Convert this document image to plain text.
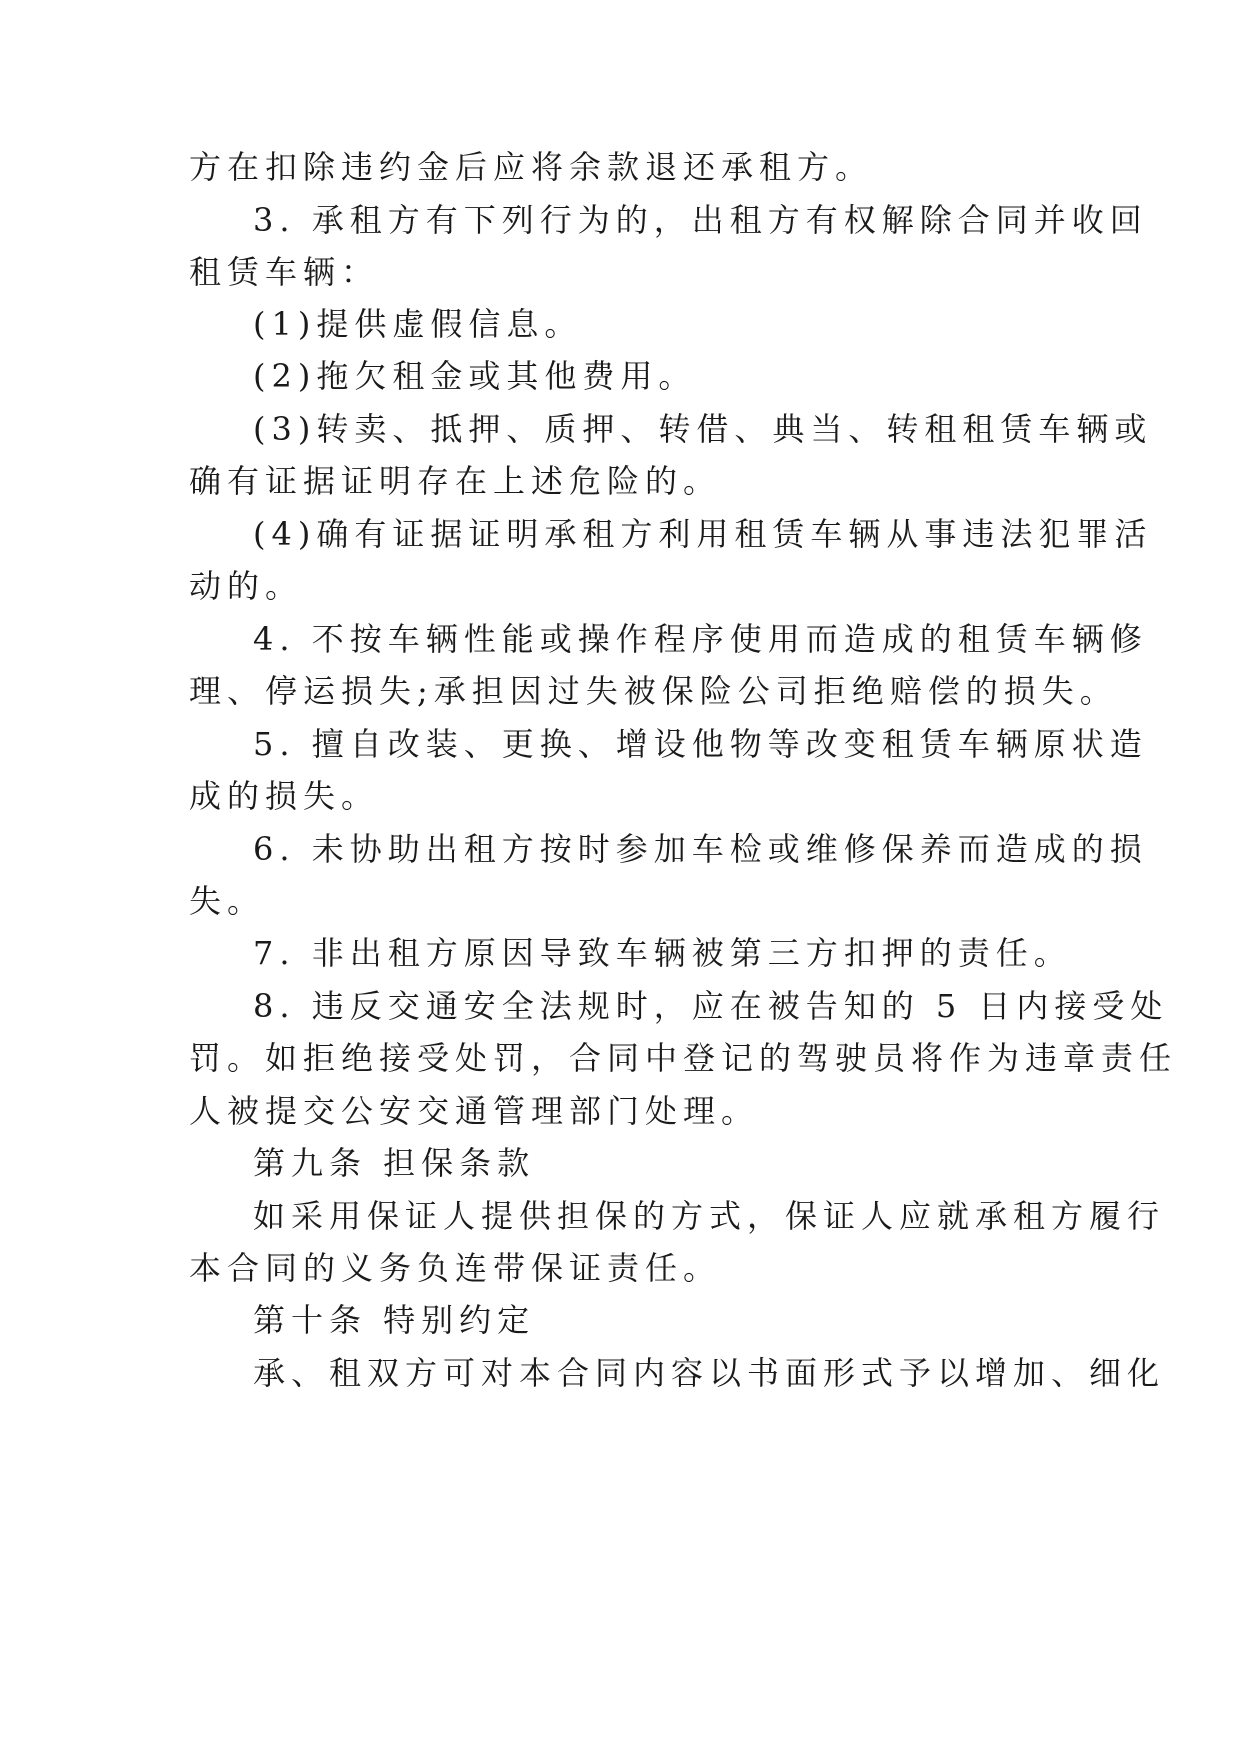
方在扣除违约金后应将余款退还承租方。
3. 承租方有下列行为的，出租方有权解除合同并收回
租赁车辆：
(1)提供虚假信息。
(2)拖欠租金或其他费用。
(3)转卖、抵押、质押、转借、典当、转租租赁车辆或
确有证据证明存在上述危险的。
(4)确有证据证明承租方利用租赁车辆从事违法犯罪活
动的。
4. 不按车辆性能或操作程序使用而造成的租赁车辆修
理、停运损失;承担因过失被保险公司拒绝赔偿的损失。
5. 擅自改装、更换、增设他物等改变租赁车辆原状造
成的损失。
6. 未协助出租方按时参加车检或维修保养而造成的损
失。
7. 非出租方原因导致车辆被第三方扣押的责任。
8. 违反交通安全法规时，应在被告知的 5 日内接受处
罚。如拒绝接受处罚，合同中登记的驾驶员将作为违章责任
人被提交公安交通管理部门处理。
第九条 担保条款
如采用保证人提供担保的方式，保证人应就承租方履行
本合同的义务负连带保证责任。
第十条 特别约定
承、租双方可对本合同内容以书面形式予以增加、细化
